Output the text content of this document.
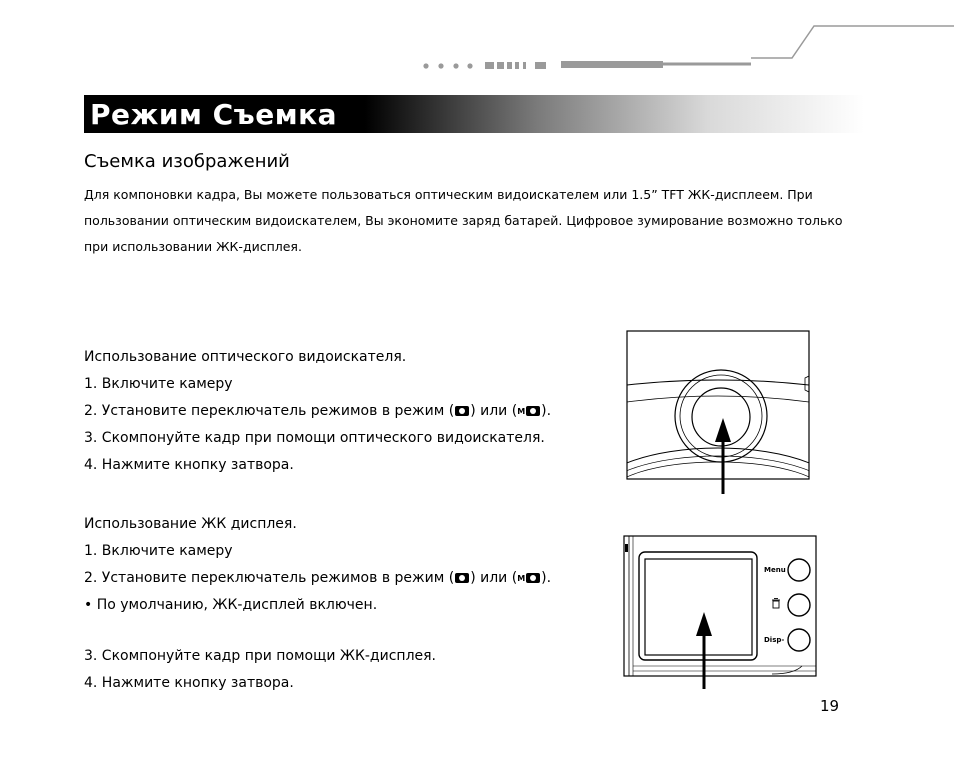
Режим Съемка
Съемка изображений

Для компоновки кадра, Вы можете пользоваться оптическим видоискателем или 1.5” TFT ЖК-дисплеем. При
пользовании оптическим видоискателем, Вы экономите заряд батарей. Цифровое зумирование возможно только
при использовании ЖК-дисплея.

Использование оптического видоискателя.
1. Включите камеру
2. Установите переключатель режимов в режим ( ) или (M ).
3. Скомпонуйте кадр при помощи оптического видоискателя.
4. Нажмите кнопку затвора.
Использование ЖК дисплея.
1. Включите камеру
2. Установите переключатель режимов в режим ( ) или (M ).
• По умолчанию, ЖК-дисплей включен.
3. Скомпонуйте кадр при помощи ЖК-дисплея.
4. Нажмите кнопку затвора.
Menu
Disp-
19
